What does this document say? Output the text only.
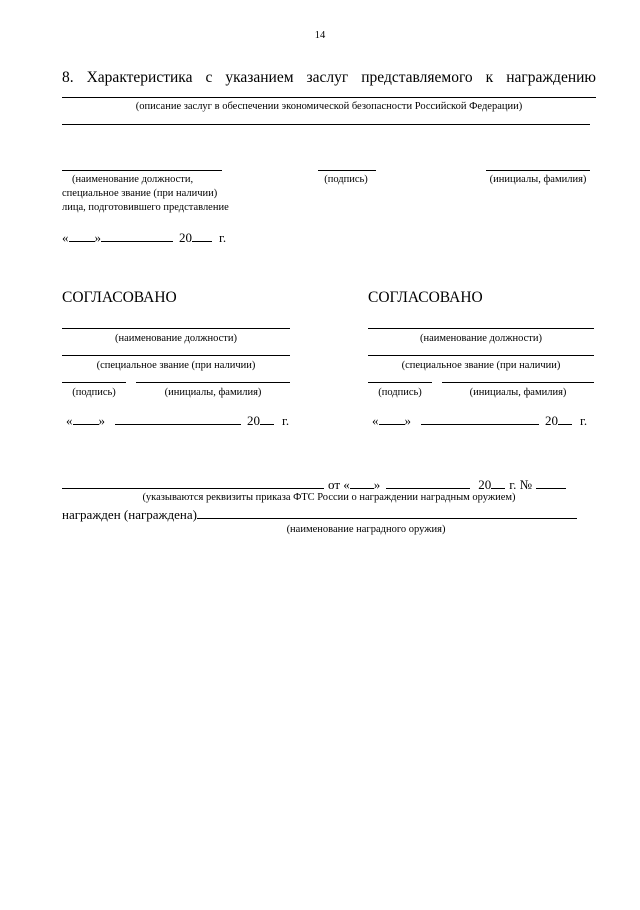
14
8. Характеристика с указанием заслуг представляемого к награждению
(описание заслуг в обеспечении экономической безопасности Российской Федерации)
(наименование должности,
специальное звание (при наличии)
лица, подготовившего представление
(подпись)	(инициалы, фамилия)
« »	20 г.
СОГЛАСОВАНО
(наименование должности)
(специальное звание (при наличии)
(подпись)	(инициалы, фамилия)
« »	20 г.
СОГЛАСОВАНО
(наименование должности)
(специальное звание (при наличии)
(подпись)	(инициалы, фамилия)
« »	20 г.
от « »	20 г. №
(указываются реквизиты приказа ФТС России о награждении наградным оружием)
награжден (награждена)
(наименование наградного оружия)
